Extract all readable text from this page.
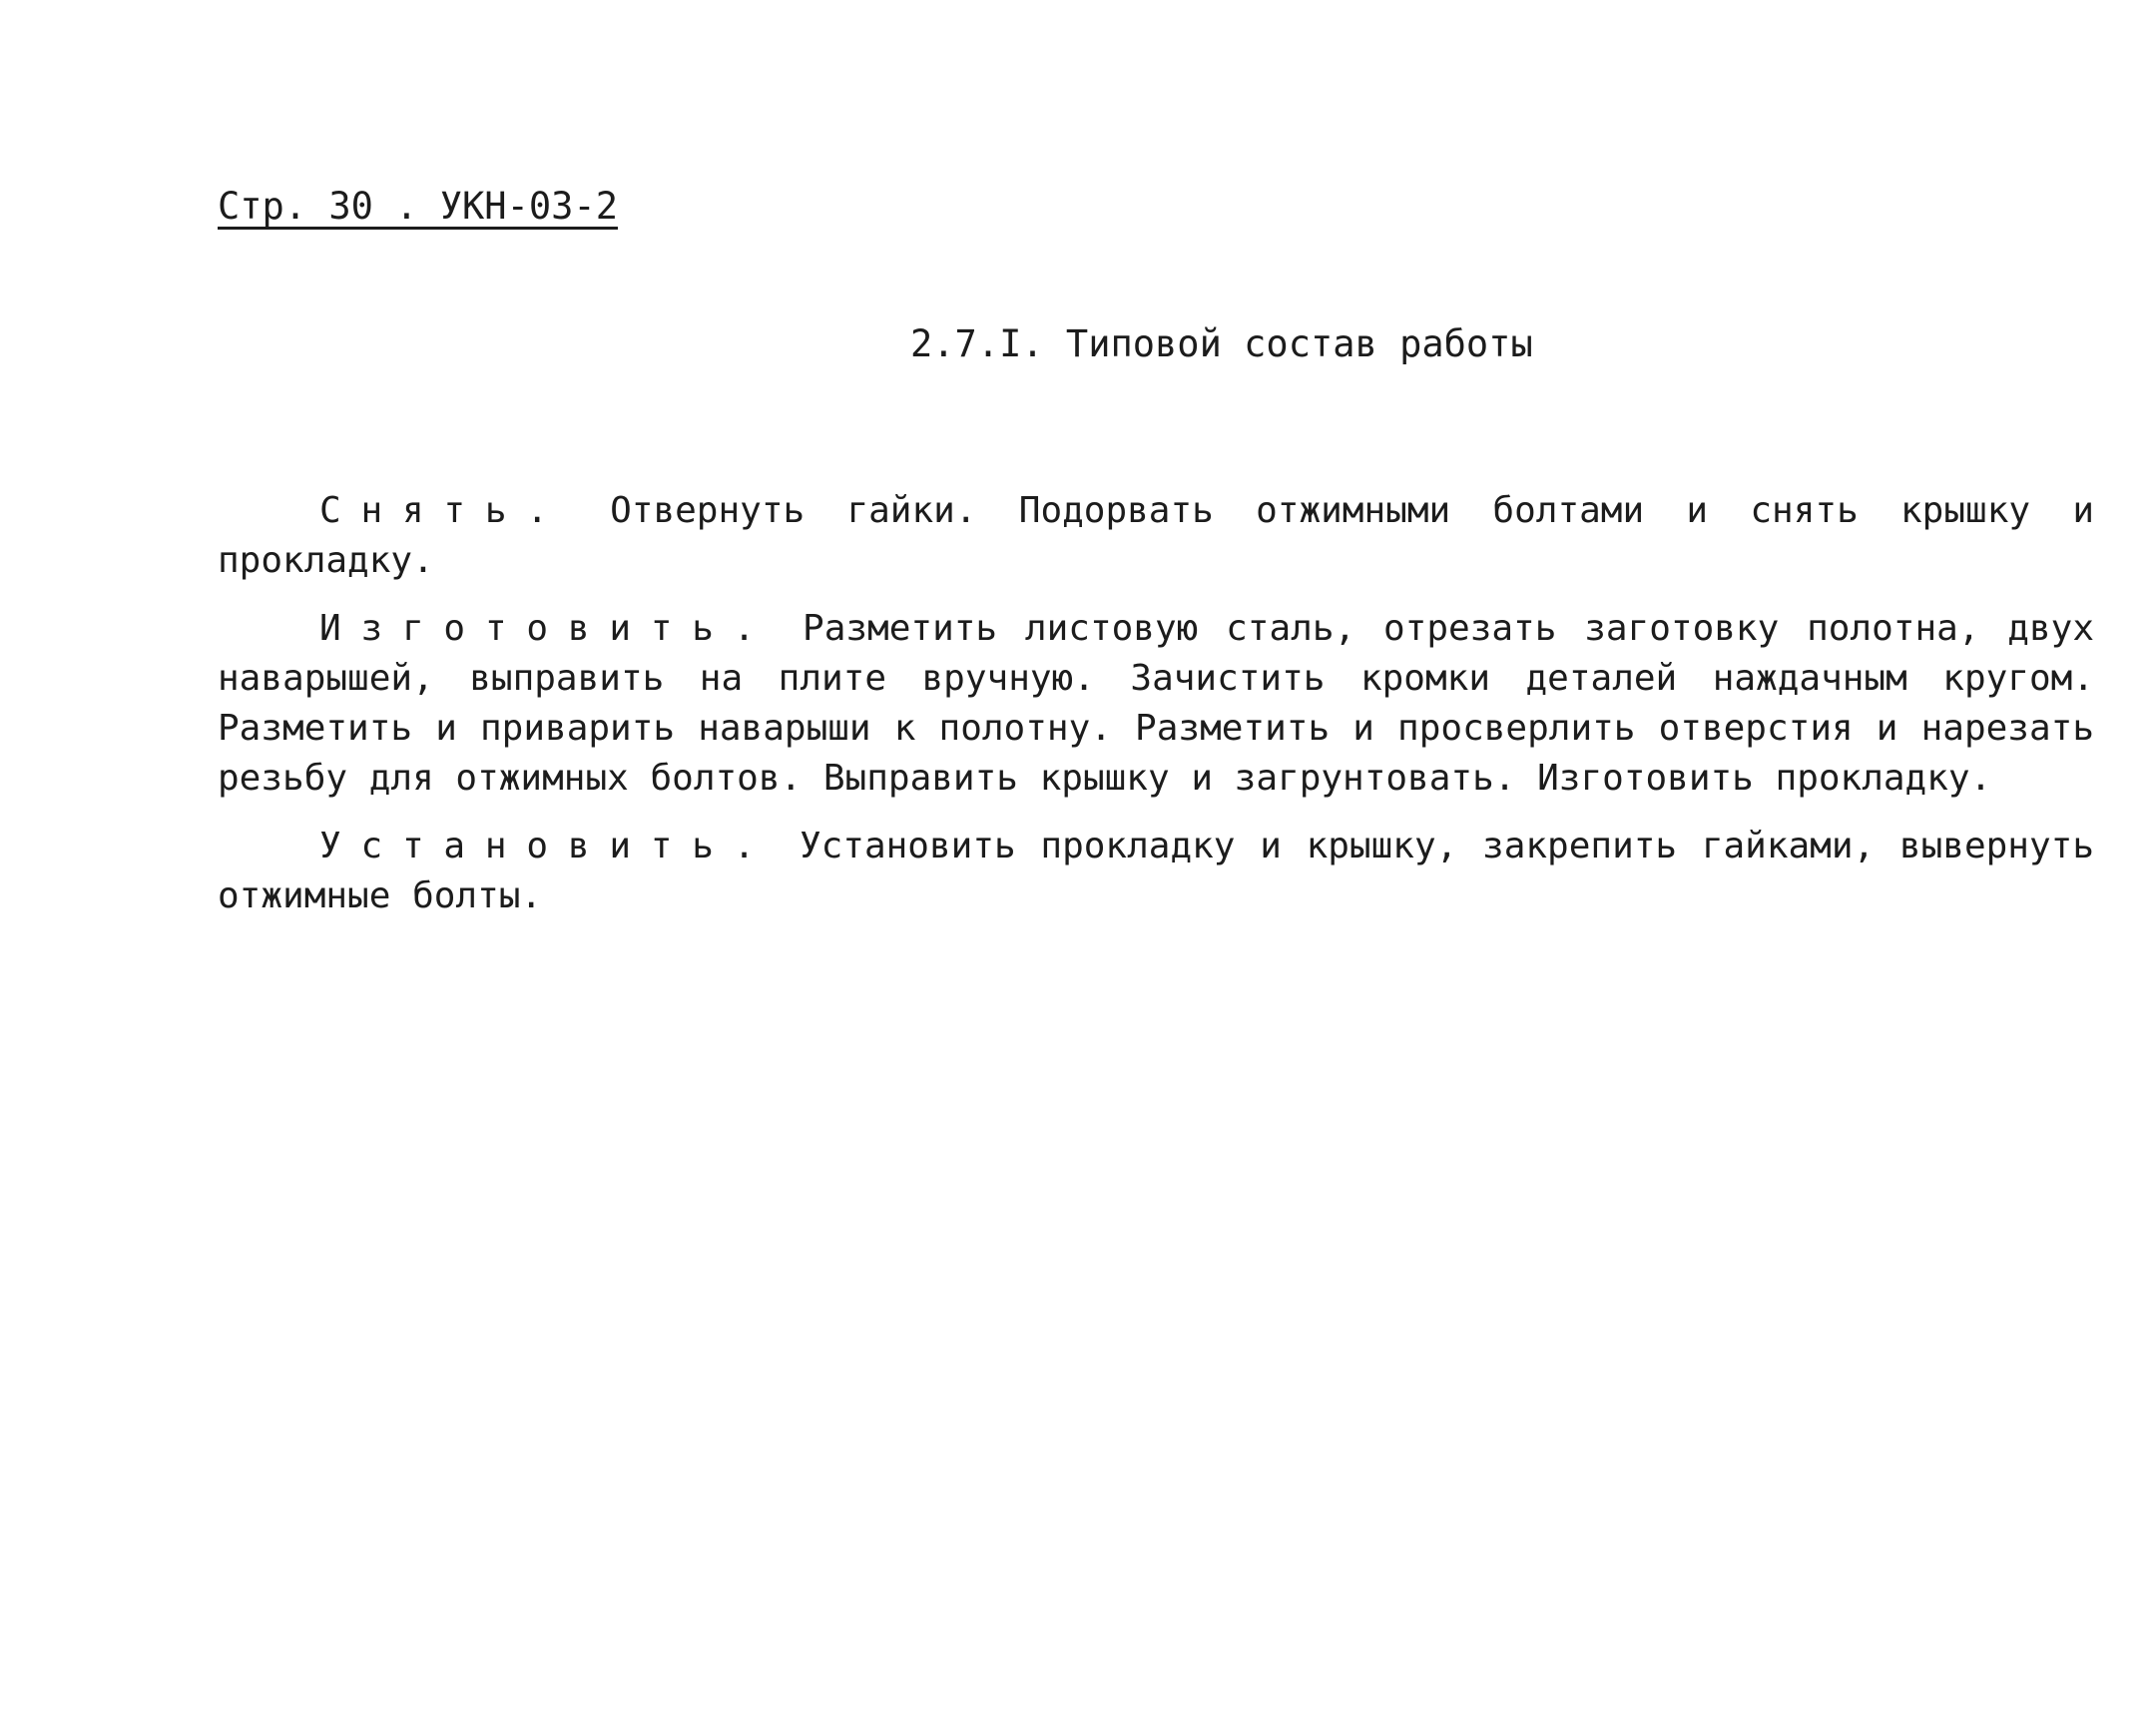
Стр. 30 . УКН-03-2
2.7.I. Типовой состав работы

Снять. Отвернуть гайки. Подорвать отжимными болтами и снять крышку и прокладку.

Изготовить. Разметить листовую сталь, отрезать заготовку полотна, двух наварышей, выправить на плите вручную. Зачистить кромки деталей наждачным кругом. Разметить и приварить наварыши к полотну. Разметить и просверлить отверстия и нарезать резьбу для отжимных болтов. Выправить крышку и загрунтовать. Изготовить прокладку.

Установить. Установить прокладку и крышку, закрепить гайками, вывернуть отжимные болты.
